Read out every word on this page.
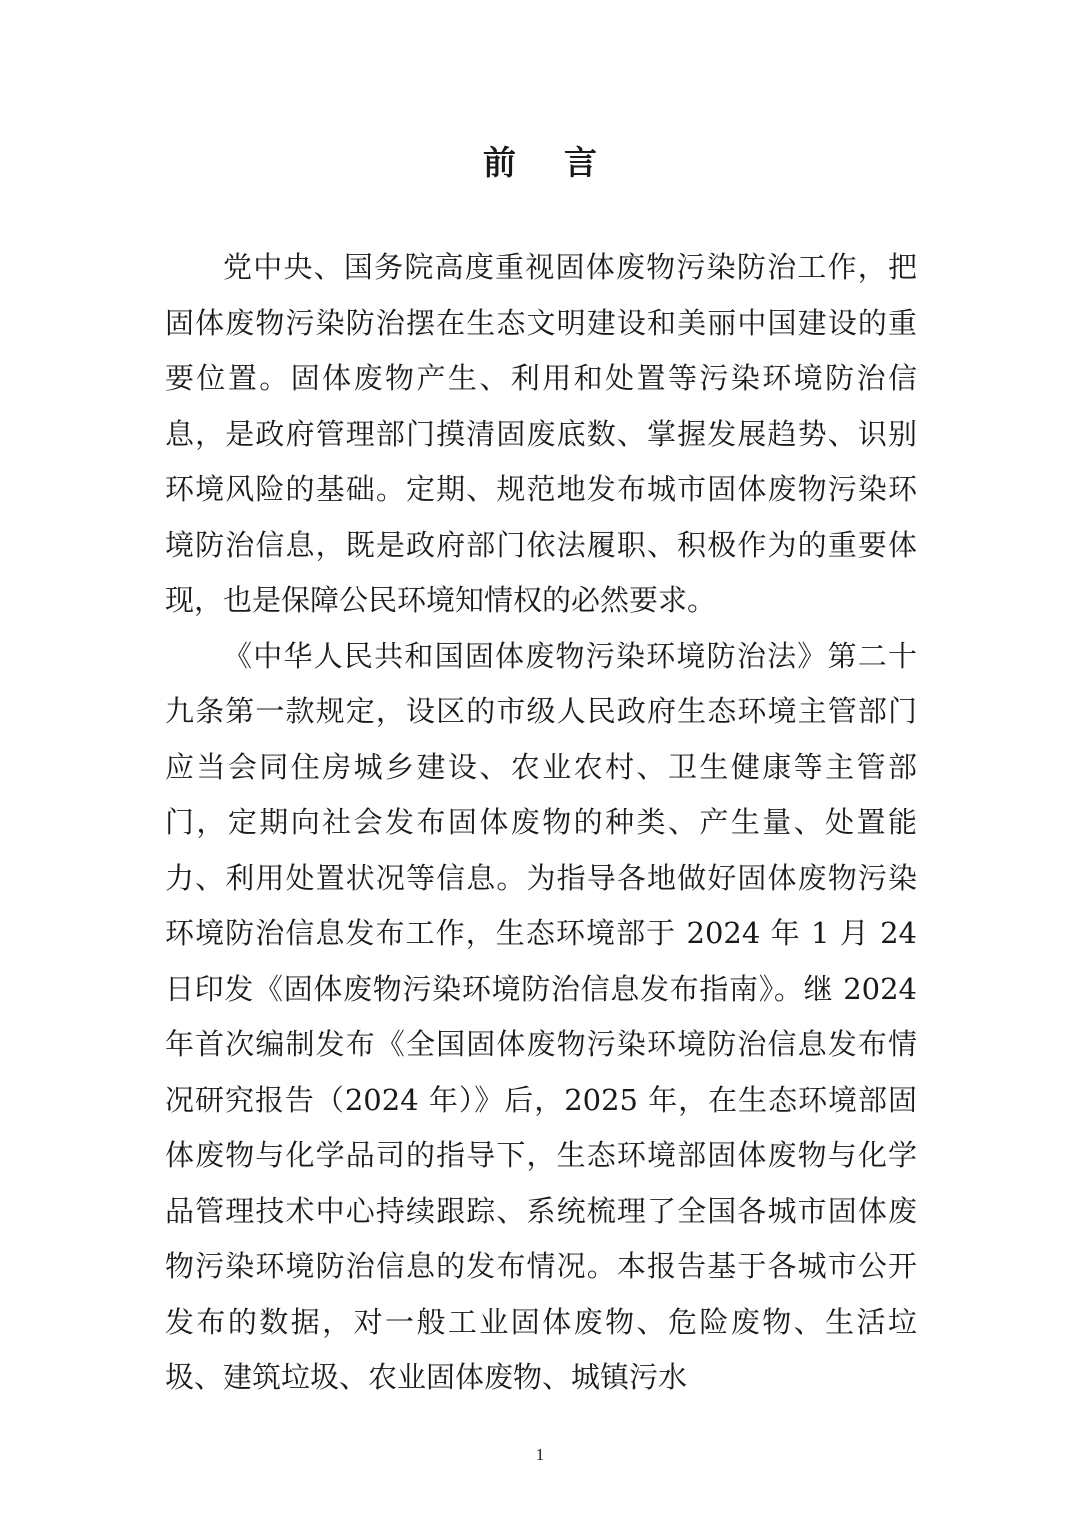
前言

党中央、国务院高度重视固体废物污染防治工作，把固体废物污染防治摆在生态文明建设和美丽中国建设的重要位置。固体废物产生、利用和处置等污染环境防治信息，是政府管理部门摸清固废底数、掌握发展趋势、识别环境风险的基础。定期、规范地发布城市固体废物污染环境防治信息，既是政府部门依法履职、积极作为的重要体现，也是保障公民环境知情权的必然要求。

《中华人民共和国固体废物污染环境防治法》第二十九条第一款规定，设区的市级人民政府生态环境主管部门应当会同住房城乡建设、农业农村、卫生健康等主管部门，定期向社会发布固体废物的种类、产生量、处置能力、利用处置状况等信息。为指导各地做好固体废物污染环境防治信息发布工作，生态环境部于 2024 年 1 月 24 日印发《固体废物污染环境防治信息发布指南》。继 2024 年首次编制发布《全国固体废物污染环境防治信息发布情况研究报告（2024 年）》后，2025 年，在生态环境部固体废物与化学品司的指导下，生态环境部固体废物与化学品管理技术中心持续跟踪、系统梳理了全国各城市固体废物污染环境防治信息的发布情况。本报告基于各城市公开发布的数据，对一般工业固体废物、危险废物、生活垃圾、建筑垃圾、农业固体废物、城镇污水

1
